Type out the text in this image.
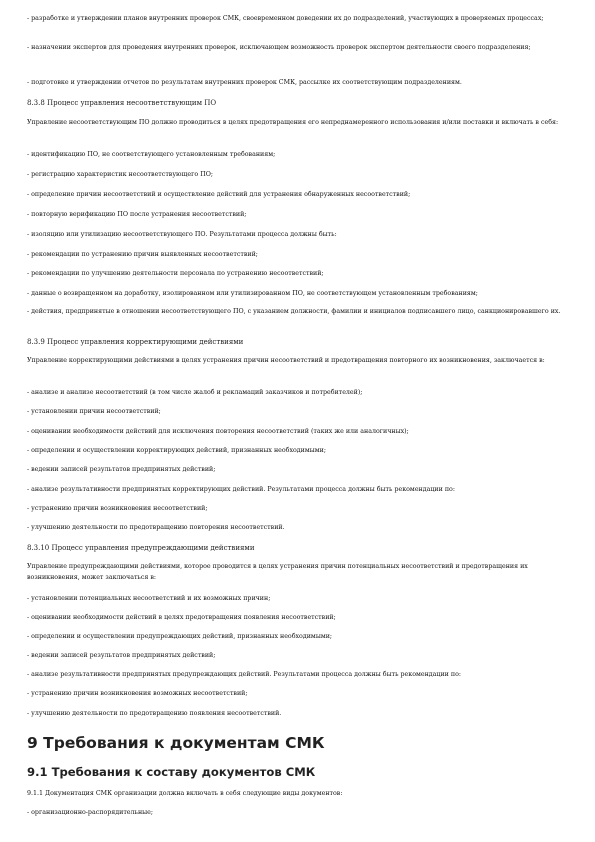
- разработке и утверждении планов внутренних проверок СМК, своевременном доведении их до подразделений, участвующих в проверяемых процессах;

- назначении экспертов для проведения внутренних проверок, исключающем возможность проверок экспертом деятельности своего подразделения;

- подготовке и утверждении отчетов по результатам внутренних проверок СМК, рассылке их соответствующим подразделениям.

8.3.8 Процесс управления несоответствующим ПО

Управление несоответствующим ПО должно проводиться в целях предотвращения его непреднамеренного использования и/или поставки и включать в себя:

- идентификацию ПО, не соответствующего установленным требованиям;

- регистрацию характеристик несоответствующего ПО;

- определение причин несоответствий и осуществление действий для устранения обнаруженных несоответствий;

- повторную верификацию ПО после устранения несоответствий;

- изоляцию или утилизацию несоответствующего ПО. Результатами процесса должны быть:

- рекомендации по устранению причин выявленных несоответствий;

- рекомендации по улучшению деятельности персонала по устранению несоответствий;

- данные о возвращенном на доработку, изолированном или утилизированном ПО, не соответствующем установленным требованиям;

- действия, предпринятые в отношении несоответствующего ПО, с указанием должности, фамилии и инициалов подписавшего лицо, санкционировавшего их.

8.3.9 Процесс управления корректирующими действиями

Управление корректирующими действиями в целях устранения причин несоответствий и предотвращения повторного их возникновения, заключается в:

- анализе и анализе несоответствий (в том числе жалоб и рекламаций заказчиков и потребителей);

- установлении причин несоответствий;

- оценивании необходимости действий для исключения повторения несоответствий (таких же или аналогичных);

- определении и осуществлении корректирующих действий, признанных необходимыми;

- ведении записей результатов предпринятых действий;

- анализе результативности предпринятых корректирующих действий. Результатами процесса должны быть рекомендации по:

- устранению причин возникновения несоответствий;

- улучшению деятельности по предотвращению повторения несоответствий.

8.3.10 Процесс управления предупреждающими действиями

Управление предупреждающими действиями, которое проводится в целях устранения причин потенциальных несоответствий и предотвращения их возникновения, может заключаться в:

- установлении потенциальных несоответствий и их возможных причин;

- оценивании необходимости действий в целях предотвращения появления несоответствий;

- определении и осуществлении предупреждающих действий, признанных необходимыми;

- ведении записей результатов предпринятых действий;

- анализе результативности предпринятых предупреждающих действий. Результатами процесса должны быть рекомендации по:

- устранению причин возникновения возможных несоответствий;

- улучшению деятельности по предотвращению появления несоответствий.

9 Требования к документам СМК
9.1 Требования к составу документов СМК

9.1.1 Документация СМК организации должна включать в себя следующие виды документов:

- организационно-распорядительные;
